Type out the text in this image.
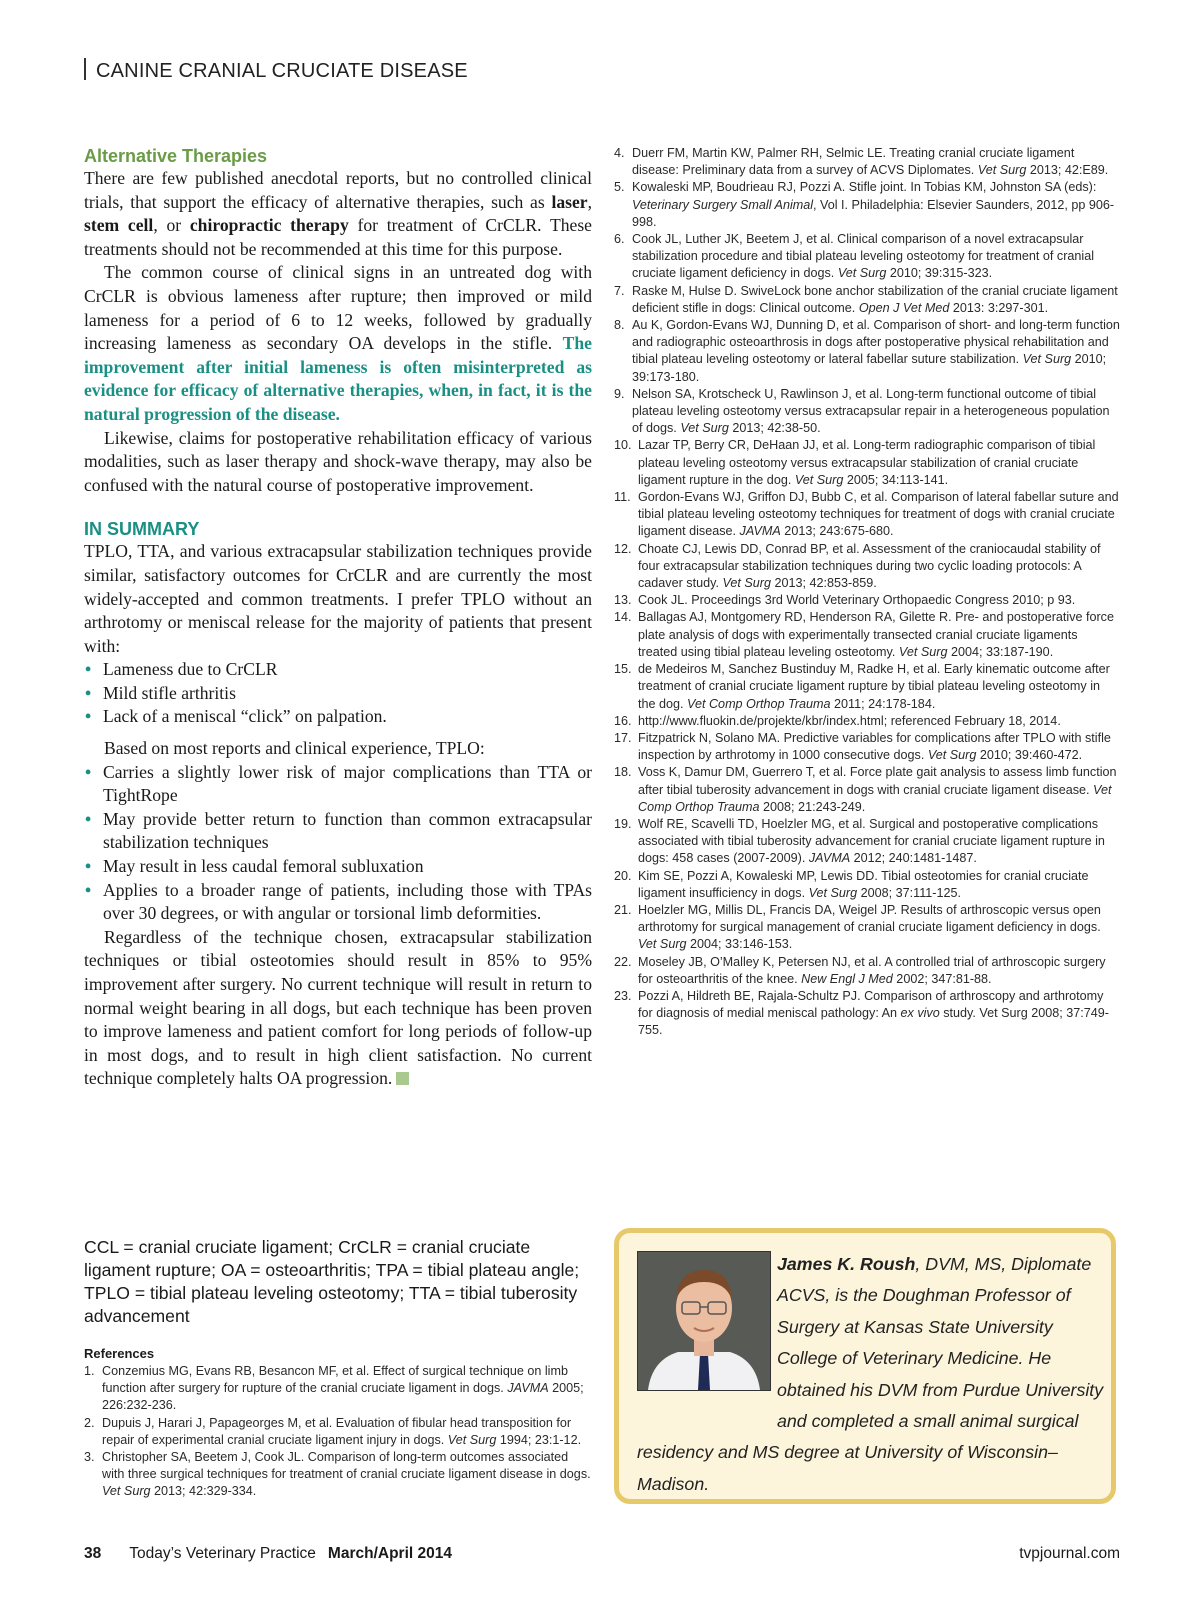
CANINE CRANIAL CRUCIATE DISEASE
Alternative Therapies

There are few published anecdotal reports, but no controlled clinical trials, that support the efficacy of alternative therapies, such as laser, stem cell, or chiropractic therapy for treatment of CrCLR. These treatments should not be recommended at this time for this purpose.

The common course of clinical signs in an untreated dog with CrCLR is obvious lameness after rupture; then improved or mild lameness for a period of 6 to 12 weeks, followed by gradually increasing lameness as secondary OA develops in the stifle. The improvement after initial lameness is often misinterpreted as evidence for efficacy of alternative therapies, when, in fact, it is the natural progression of the disease.

Likewise, claims for postoperative rehabilitation efficacy of various modalities, such as laser therapy and shock-wave therapy, may also be confused with the natural course of postoperative improvement.

IN SUMMARY

TPLO, TTA, and various extracapsular stabilization techniques provide similar, satisfactory outcomes for CrCLR and are currently the most widely-accepted and common treatments. I prefer TPLO without an arthrotomy or meniscal release for the majority of patients that present with:

• Lameness due to CrCLR
• Mild stifle arthritis
• Lack of a meniscal “click” on palpation.

Based on most reports and clinical experience, TPLO:

• Carries a slightly lower risk of major complications than TTA or TightRope
• May provide better return to function than common extracapsular stabilization techniques
• May result in less caudal femoral subluxation
• Applies to a broader range of patients, including those with TPAs over 30 degrees, or with angular or torsional limb deformities.

Regardless of the technique chosen, extracapsular stabilization techniques or tibial osteotomies should result in 85% to 95% improvement after surgery. No current technique will result in return to normal weight bearing in all dogs, but each technique has been proven to improve lameness and patient comfort for long periods of follow-up in most dogs, and to result in high client satisfaction. No current technique completely halts OA progression.

CCL = cranial cruciate ligament; CrCLR = cranial cruciate ligament rupture; OA = osteoarthritis; TPA = tibial plateau angle; TPLO = tibial plateau leveling osteotomy; TTA = tibial tuberosity advancement
References
1. Conzemius MG, Evans RB, Besancon MF, et al. Effect of surgical technique on limb function after surgery for rupture of the cranial cruciate ligament in dogs. JAVMA 2005; 226:232-236.
2. Dupuis J, Harari J, Papageorges M, et al. Evaluation of fibular head transposition for repair of experimental cranial cruciate ligament injury in dogs. Vet Surg 1994; 23:1-12.
3. Christopher SA, Beetem J, Cook JL. Comparison of long-term outcomes associated with three surgical techniques for treatment of cranial cruciate ligament disease in dogs. Vet Surg 2013; 42:329-334.
4. Duerr FM, Martin KW, Palmer RH, Selmic LE. Treating cranial cruciate ligament disease: Preliminary data from a survey of ACVS Diplomates. Vet Surg 2013; 42:E89.
5. Kowaleski MP, Boudrieau RJ, Pozzi A. Stifle joint. In Tobias KM, Johnston SA (eds): Veterinary Surgery Small Animal, Vol I. Philadelphia: Elsevier Saunders, 2012, pp 906-998.
6. Cook JL, Luther JK, Beetem J, et al. Clinical comparison of a novel extracapsular stabilization procedure and tibial plateau leveling osteotomy for treatment of cranial cruciate ligament deficiency in dogs. Vet Surg 2010; 39:315-323.
7. Raske M, Hulse D. SwiveLock bone anchor stabilization of the cranial cruciate ligament deficient stifle in dogs: Clinical outcome. Open J Vet Med 2013: 3:297-301.
8. Au K, Gordon-Evans WJ, Dunning D, et al. Comparison of short- and long-term function and radiographic osteoarthrosis in dogs after postoperative physical rehabilitation and tibial plateau leveling osteotomy or lateral fabellar suture stabilization. Vet Surg 2010; 39:173-180.
9. Nelson SA, Krotscheck U, Rawlinson J, et al. Long-term functional outcome of tibial plateau leveling osteotomy versus extracapsular repair in a heterogeneous population of dogs. Vet Surg 2013; 42:38-50.
10. Lazar TP, Berry CR, DeHaan JJ, et al. Long-term radiographic comparison of tibial plateau leveling osteotomy versus extracapsular stabilization of cranial cruciate ligament rupture in the dog. Vet Surg 2005; 34:113-141.
11. Gordon-Evans WJ, Griffon DJ, Bubb C, et al. Comparison of lateral fabellar suture and tibial plateau leveling osteotomy techniques for treatment of dogs with cranial cruciate ligament disease. JAVMA 2013; 243:675-680.
12. Choate CJ, Lewis DD, Conrad BP, et al. Assessment of the craniocaudal stability of four extracapsular stabilization techniques during two cyclic loading protocols: A cadaver study. Vet Surg 2013; 42:853-859.
13. Cook JL. Proceedings 3rd World Veterinary Orthopaedic Congress 2010; p 93.
14. Ballagas AJ, Montgomery RD, Henderson RA, Gilette R. Pre- and postoperative force plate analysis of dogs with experimentally transected cranial cruciate ligaments treated using tibial plateau leveling osteotomy. Vet Surg 2004; 33:187-190.
15. de Medeiros M, Sanchez Bustinduy M, Radke H, et al. Early kinematic outcome after treatment of cranial cruciate ligament rupture by tibial plateau leveling osteotomy in the dog. Vet Comp Orthop Trauma 2011; 24:178-184.
16. http://www.fluokin.de/projekte/kbr/index.html; referenced February 18, 2014.
17. Fitzpatrick N, Solano MA. Predictive variables for complications after TPLO with stifle inspection by arthrotomy in 1000 consecutive dogs. Vet Surg 2010; 39:460-472.
18. Voss K, Damur DM, Guerrero T, et al. Force plate gait analysis to assess limb function after tibial tuberosity advancement in dogs with cranial cruciate ligament disease. Vet Comp Orthop Trauma 2008; 21:243-249.
19. Wolf RE, Scavelli TD, Hoelzler MG, et al. Surgical and postoperative complications associated with tibial tuberosity advancement for cranial cruciate ligament rupture in dogs: 458 cases (2007-2009). JAVMA 2012; 240:1481-1487.
20. Kim SE, Pozzi A, Kowaleski MP, Lewis DD. Tibial osteotomies for cranial cruciate ligament insufficiency in dogs. Vet Surg 2008; 37:111-125.
21. Hoelzler MG, Millis DL, Francis DA, Weigel JP. Results of arthroscopic versus open arthrotomy for surgical management of cranial cruciate ligament deficiency in dogs. Vet Surg 2004; 33:146-153.
22. Moseley JB, O’Malley K, Petersen NJ, et al. A controlled trial of arthroscopic surgery for osteoarthritis of the knee. New Engl J Med 2002; 347:81-88.
23. Pozzi A, Hildreth BE, Rajala-Schultz PJ. Comparison of arthroscopy and arthrotomy for diagnosis of medial meniscal pathology: An ex vivo study. Vet Surg 2008; 37:749-755.
James K. Roush, DVM, MS, Diplomate ACVS, is the Doughman Professor of Surgery at Kansas State University College of Veterinary Medicine. He obtained his DVM from Purdue University and completed a small animal surgical residency and MS degree at University of Wisconsin–Madison.
38 Today’s Veterinary Practice March/April 2014	tvpjournal.com
